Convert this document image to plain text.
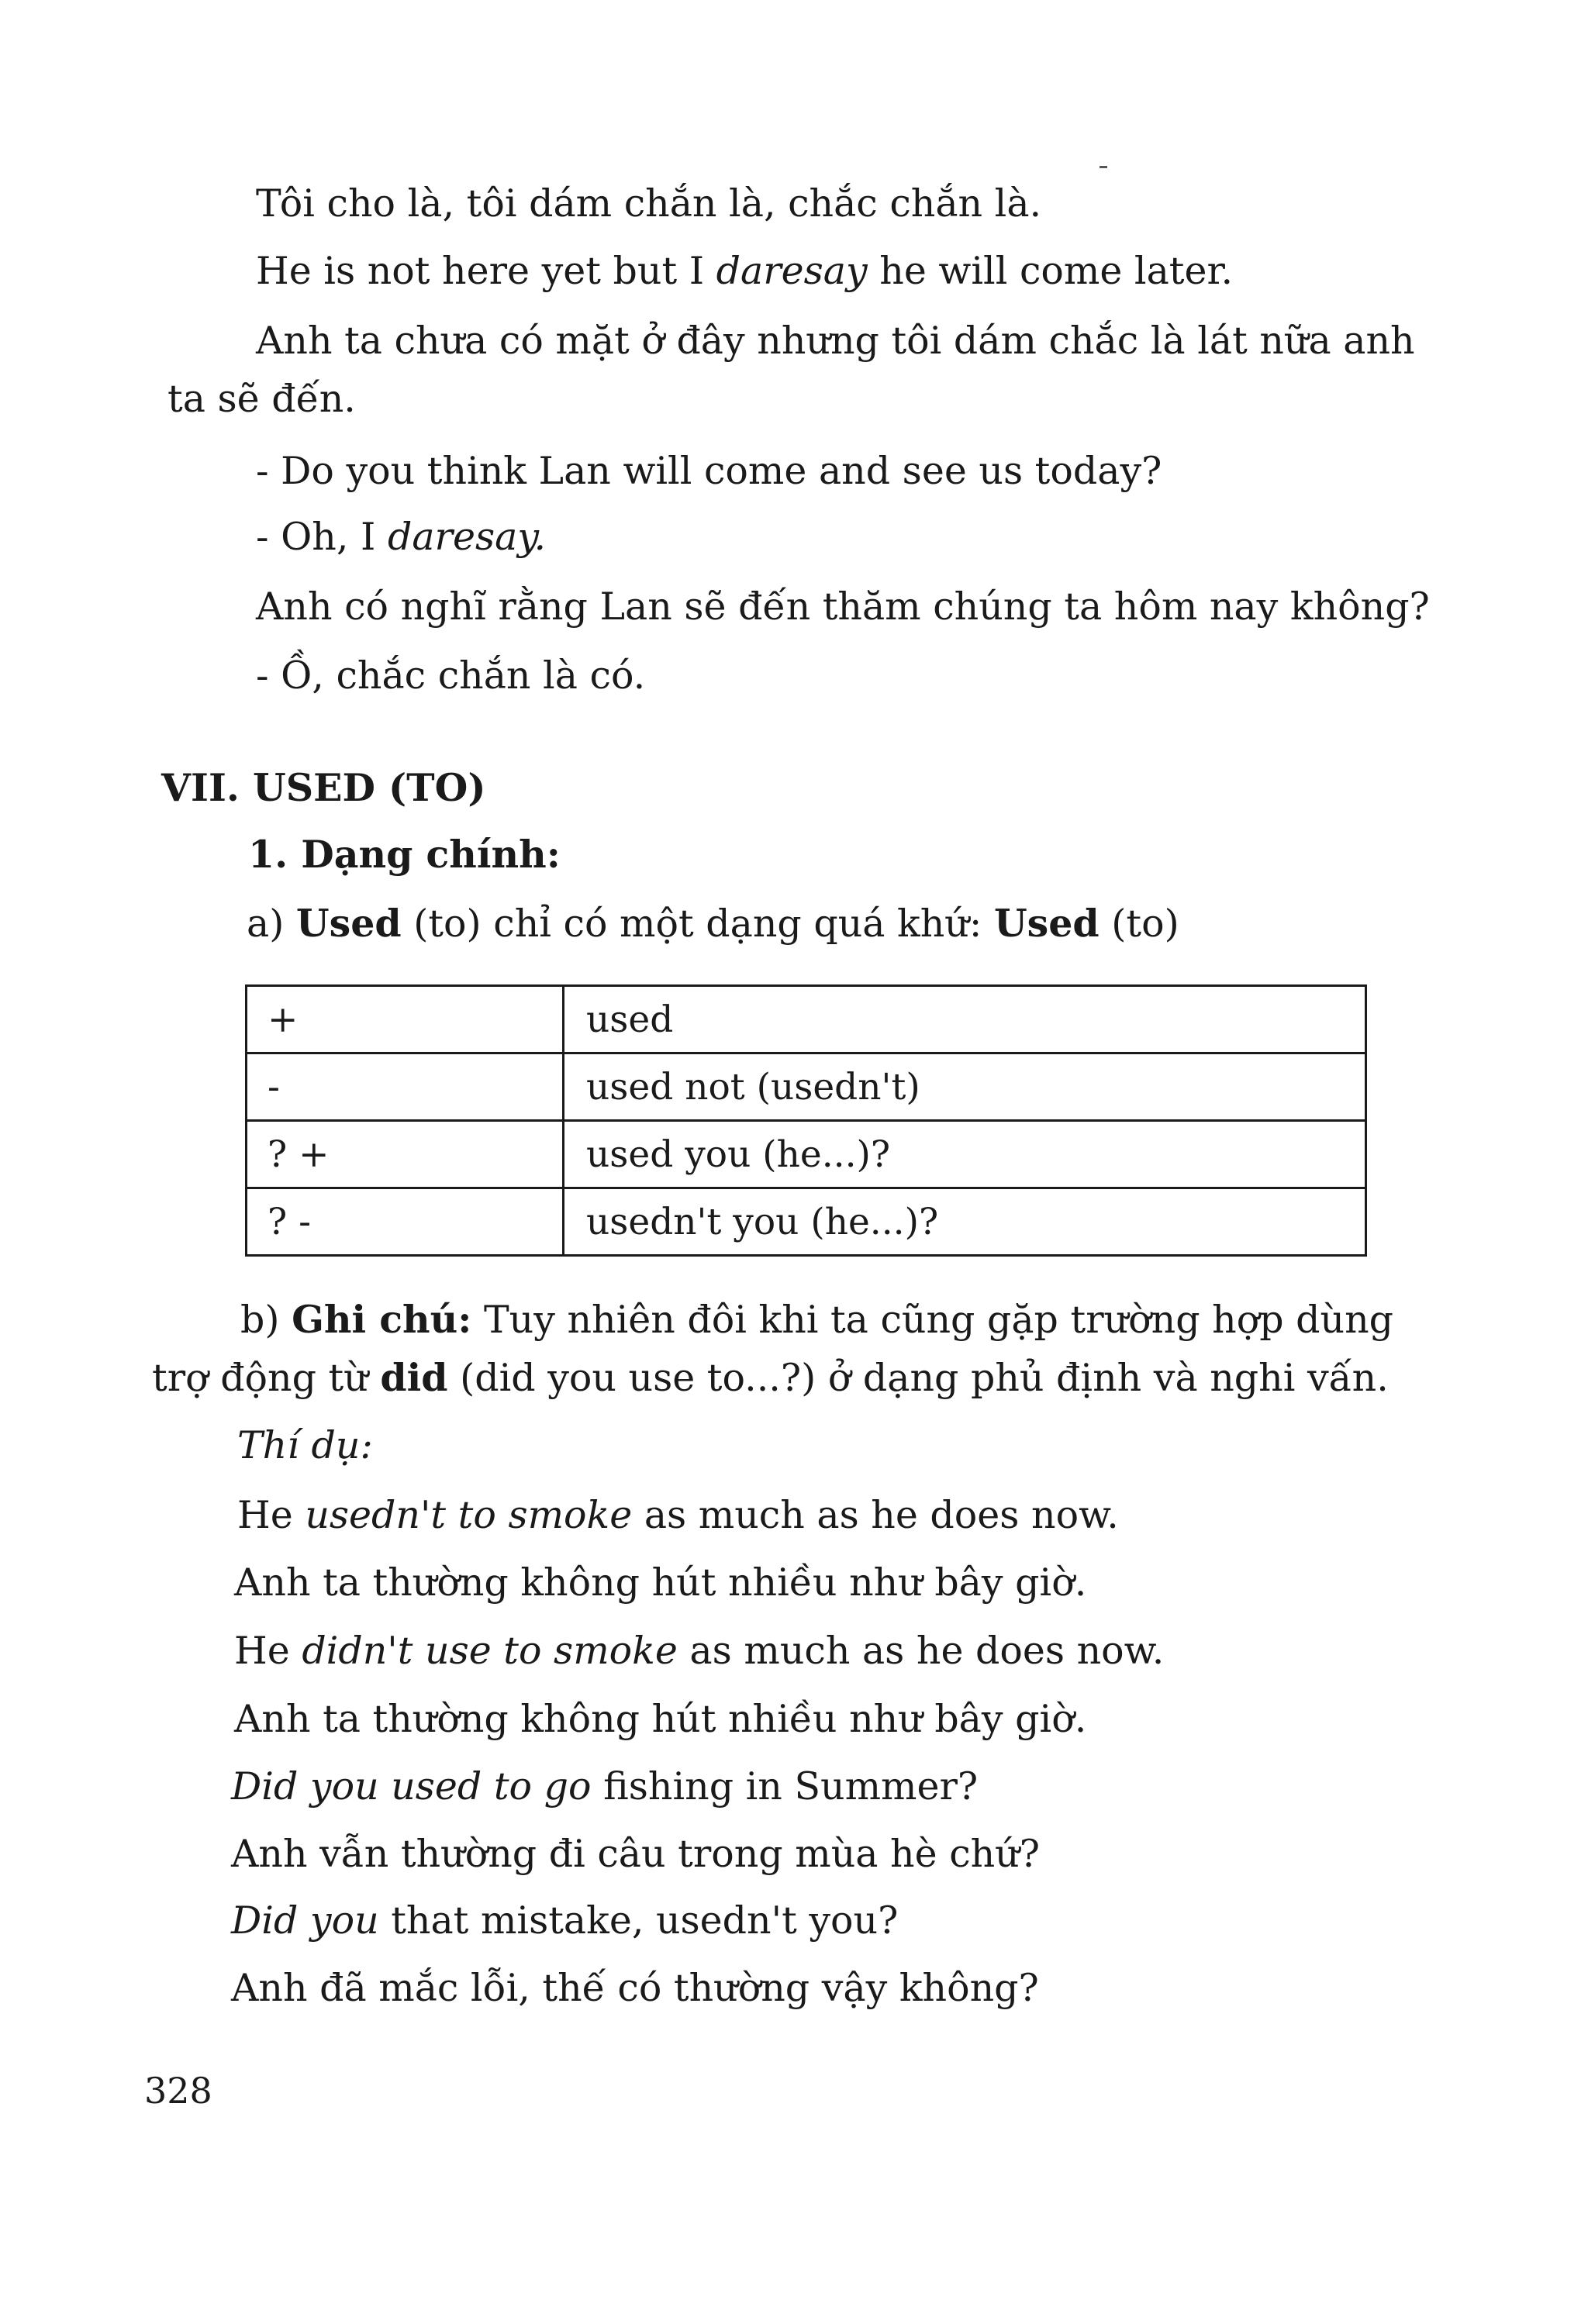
Tôi cho là, tôi dám chắn là, chắc chắn là.
He is not here yet but I daresay he will come later.
Anh ta chưa có mặt ở đây nhưng tôi dám chắc là lát nữa anh
ta sẽ đến.
- Do you think Lan will come and see us today?
- Oh, I daresay.
Anh có nghĩ rằng Lan sẽ đến thăm chúng ta hôm nay không?
- Ồ, chắc chắn là có.
VII. USED (TO)
1. Dạng chính:
a) Used (to) chỉ có một dạng quá khứ: Used (to)
+	used
-	used not (usedn't)
? +	used you (he...)?
? -	usedn't you (he...)?
b) Ghi chú: Tuy nhiên đôi khi ta cũng gặp trường hợp dùng
trợ động từ did (did you use to...?) ở dạng phủ định và nghi vấn.
Thí dụ:
He usedn't to smoke as much as he does now.
Anh ta thường không hút nhiều như bây giờ.
He didn't use to smoke as much as he does now.
Anh ta thường không hút nhiều như bây giờ.
Did you used to go fishing in Summer?
Anh vẫn thường đi câu trong mùa hè chứ?
Did you that mistake, usedn't you?
Anh đã mắc lỗi, thế có thường vậy không?
328
